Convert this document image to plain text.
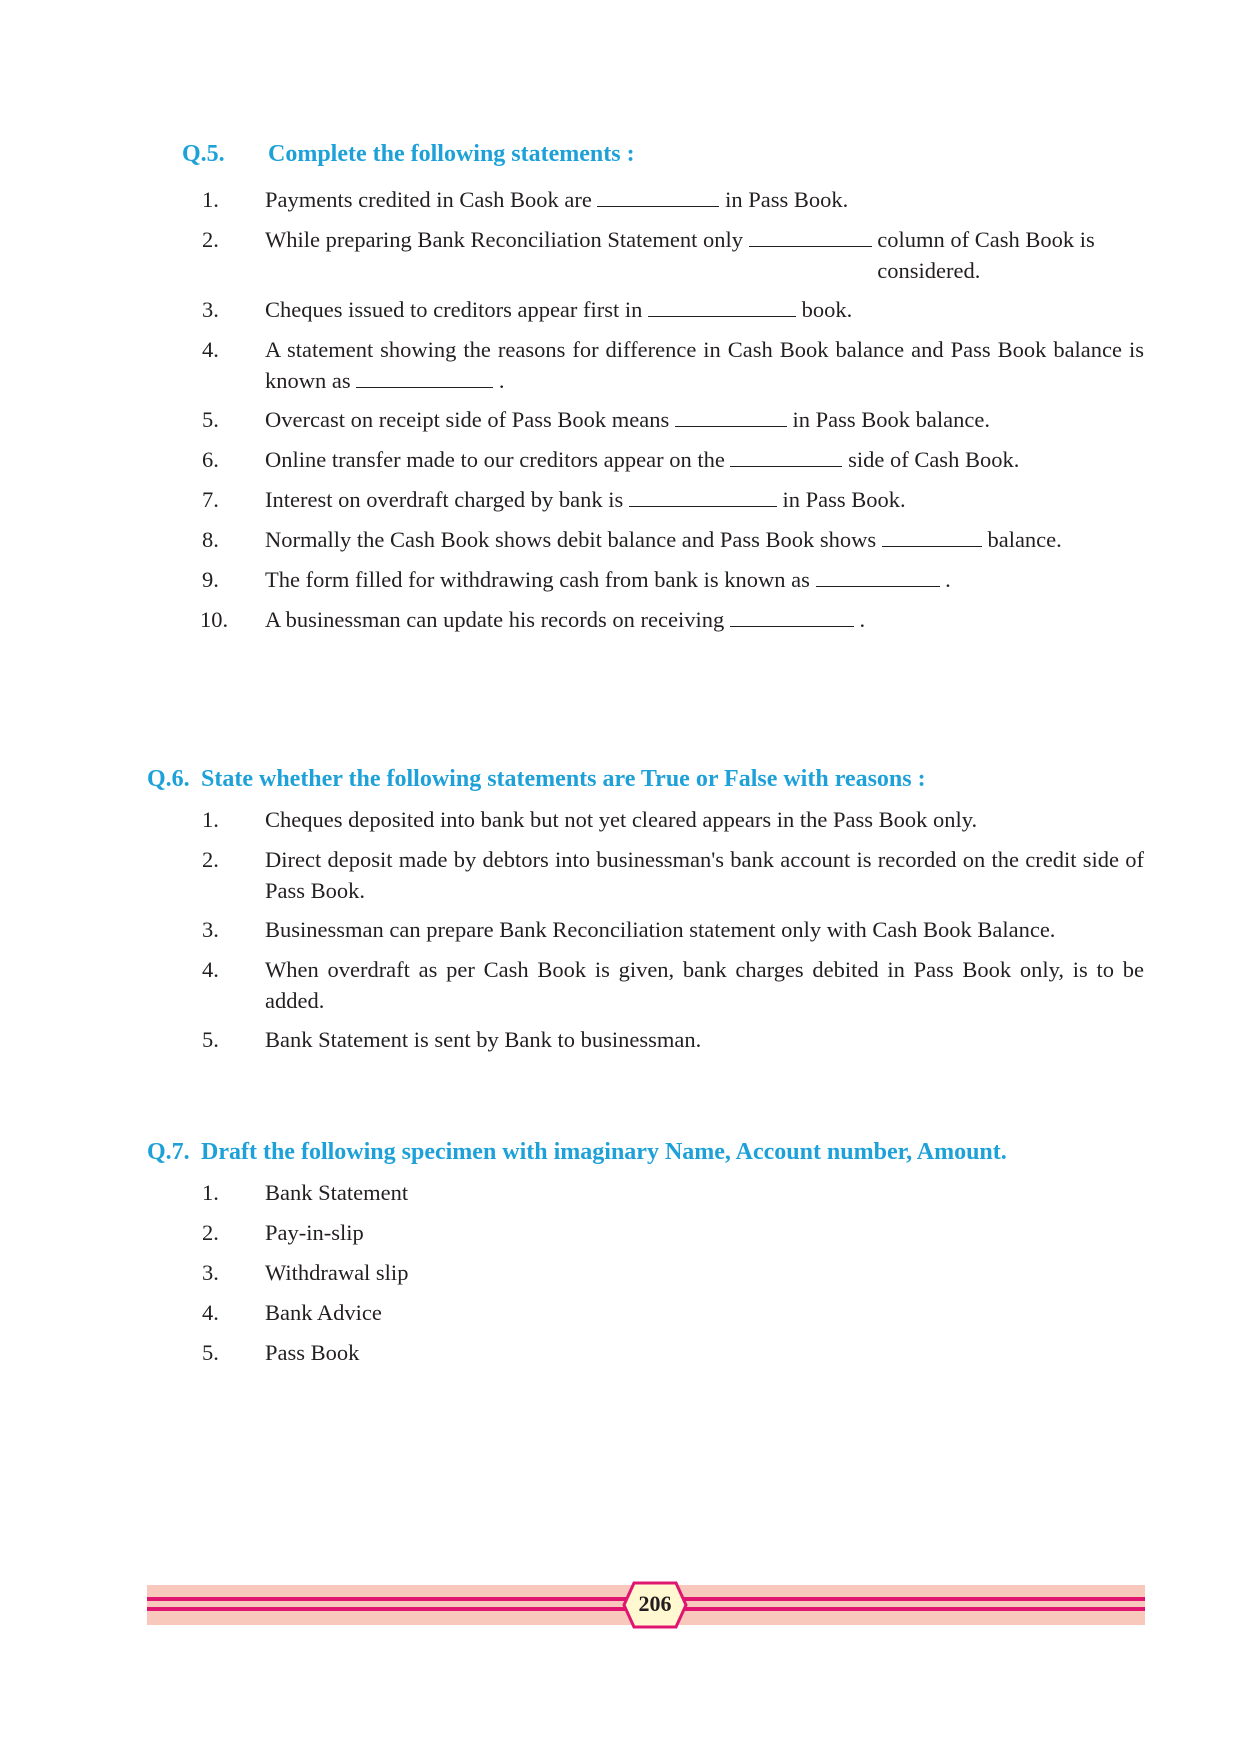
Q.5. Complete the following statements :
1. Payments credited in Cash Book are	in Pass Book.
2. While preparing Bank Reconciliation Statement only	column of Cash Book is considered.
3. Cheques issued to creditors appear first in	book.
4. A statement showing the reasons for difference in Cash Book balance and Pass Book balance is known as	.
5. Overcast on receipt side of Pass Book means	in Pass Book balance.
6. Online transfer made to our creditors appear on the	side of Cash Book.
7. Interest on overdraft charged by bank is	in Pass Book.
8. Normally the Cash Book shows debit balance and Pass Book shows	balance.
9. The form filled for withdrawing cash from bank is known as	.
10. A businessman can update his records on receiving	.
Q.6. State whether the following statements are True or False with reasons :
1. Cheques deposited into bank but not yet cleared appears in the Pass Book only.
2. Direct deposit made by debtors into businessman's bank account is recorded on the credit side of Pass Book.
3. Businessman can prepare Bank Reconciliation statement only with Cash Book Balance.
4. When overdraft as per Cash Book is given, bank charges debited in Pass Book only, is to be added.
5. Bank Statement is sent by Bank to businessman.
Q.7. Draft the following specimen with imaginary Name, Account number, Amount.
1. Bank Statement
2. Pay-in-slip
3. Withdrawal slip
4. Bank Advice
5. Pass Book
206
